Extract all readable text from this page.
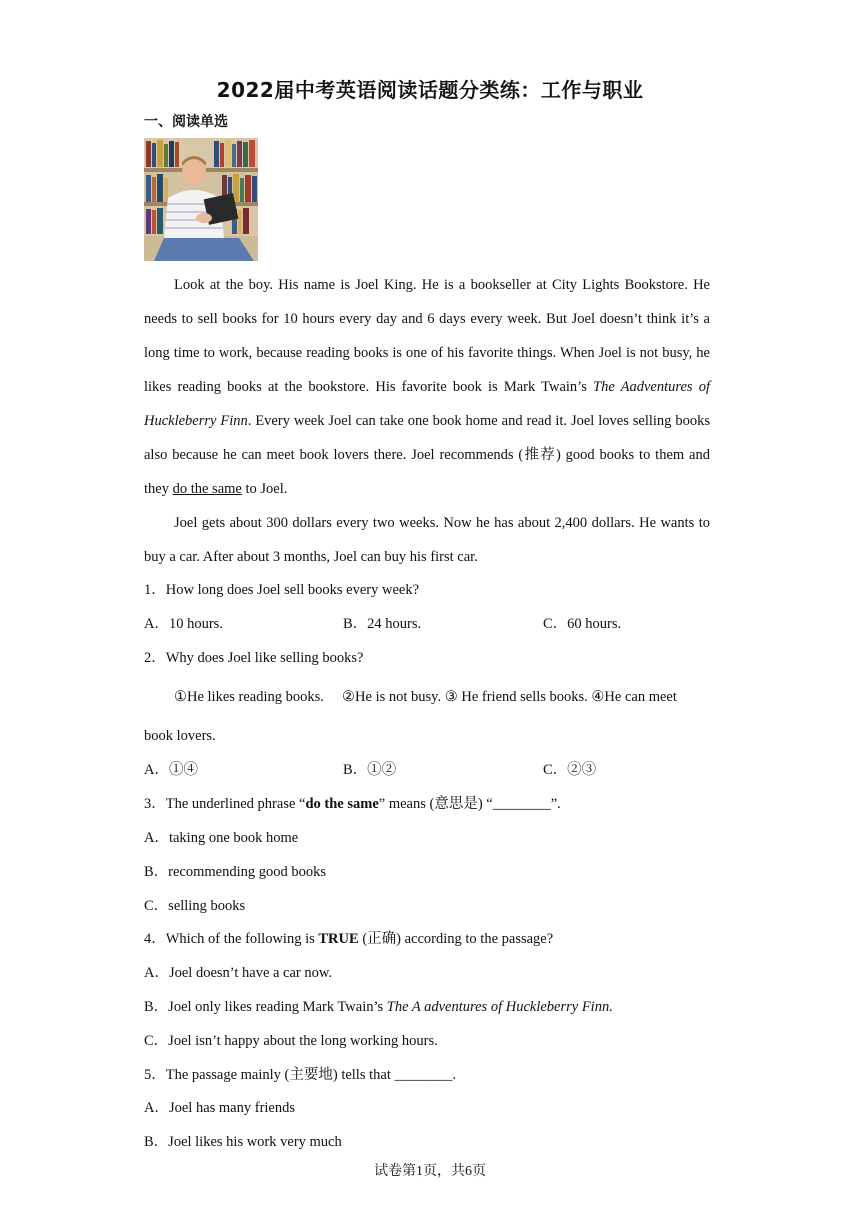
2022届中考英语阅读话题分类练：工作与职业
一、阅读单选

Look at the boy. His name is Joel King. He is a bookseller at City Lights Bookstore. He needs to sell books for 10 hours every day and 6 days every week. But Joel doesn’t think it’s a long time to work, because reading books is one of his favorite things. When Joel is not busy, he likes reading books at the bookstore. His favorite book is Mark Twain’s The Aadventures of Huckleberry Finn. Every week Joel can take one book home and read it. Joel loves selling books also because he can meet book lovers there. Joel recommends (推荐) good books to them and they do the same to Joel.

Joel gets about 300 dollars every two weeks. Now he has about 2,400 dollars. He wants to buy a car. After about 3 months, Joel can buy his first car.

1．How long does Joel sell books every week?
A．10 hours.	B．24 hours.	C．60 hours.
2．Why does Joel like selling books?
①He likes reading books.     ②He is not busy. ③ He friend sells books. ④He can meet
book lovers.
A．①④	B．①②	C．②③
3．The underlined phrase “do the same” means (意思是) “________”.
A．taking one book home
B．recommending good books
C．selling books
4．Which of the following is TRUE (正确) according to the passage?
A．Joel doesn’t have a car now.
B．Joel only likes reading Mark Twain’s The A adventures of Huckleberry Finn.
C．Joel isn’t happy about the long working hours.
5．The passage mainly (主要地) tells that ________.
A．Joel has many friends
B．Joel likes his work very much
试卷第1页，共6页
